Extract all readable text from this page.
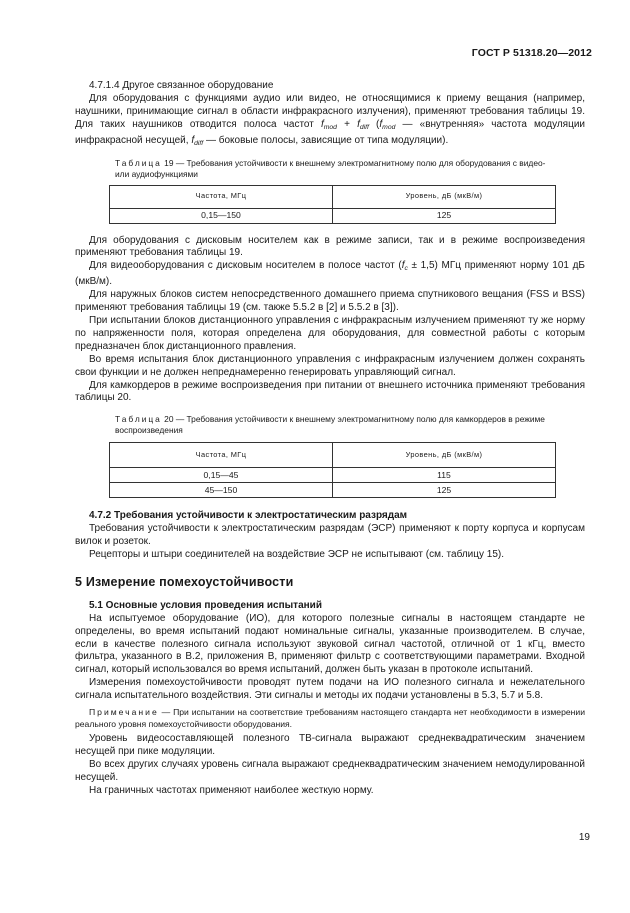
ГОСТ Р 51318.20—2012

4.7.1.4 Другое связанное оборудование

Для оборудования с функциями аудио или видео, не относящимися к приему вещания (например, наушники, принимающие сигнал в области инфракрасного излучения), применяют требования таблицы 19. Для таких наушников отводится полоса частот $f_{mod} + f_{diff}$ ($f_{mod}$ — «внутренняя» частота модуляции инфракрасной несущей, $f_{diff}$ — боковые полосы, зависящие от типа модуляции).

Таблица 19 — Требования устойчивости к внешнему электромагнитному полю для оборудования с видео- или аудиофункциями
Частота, МГц	Уровень, дБ (мкВ/м)
0,15—150	125

Для оборудования с дисковым носителем как в режиме записи, так и в режиме воспроизведения применяют требования таблицы 19.

Для видеооборудования с дисковым носителем в полосе частот $(f_c \pm 1,5)$ МГц применяют норму 101 дБ (мкВ/м).

Для наружных блоков систем непосредственного домашнего приема спутникового вещания (FSS и BSS) применяют требования таблицы 19 (см. также 5.5.2 в [2] и 5.5.2 в [3]).

При испытании блоков дистанционного управления с инфракрасным излучением применяют ту же норму по напряженности поля, которая определена для оборудования, для совместной работы с которым предназначен блок дистанционного правления.

Во время испытания блок дистанционного управления с инфракрасным излучением должен сохранять свои функции и не должен непреднамеренно генерировать управляющий сигнал.

Для камкордеров в режиме воспроизведения при питании от внешнего источника применяют требования таблицы 20.

Таблица 20 — Требования устойчивости к внешнему электромагнитному полю для камкордеров в режиме воспроизведения
Частота, МГц	Уровень, дБ (мкВ/м)
0,15—45	115
45—150	125

4.7.2 Требования устойчивости к электростатическим разрядам

Требования устойчивости к электростатическим разрядам (ЭСР) применяют к порту корпуса и корпусам вилок и розеток.

Рецепторы и штыри соединителей на воздействие ЭСР не испытывают (см. таблицу 15).

5 Измерение помехоустойчивости

5.1 Основные условия проведения испытаний

На испытуемое оборудование (ИО), для которого полезные сигналы в настоящем стандарте не определены, во время испытаний подают номинальные сигналы, указанные производителем. В случае, если в качестве полезного сигнала используют звуковой сигнал частотой, отличной от 1 кГц, вместо фильтра, указанного в В.2, приложения В, применяют фильтр с соответствующими параметрами. Входной сигнал, который использовался во время испытаний, должен быть указан в протоколе испытаний.

Измерения помехоустойчивости проводят путем подачи на ИО полезного сигнала и нежелательного сигнала испытательного воздействия. Эти сигналы и методы их подачи установлены в 5.3, 5.7 и 5.8.

Примечание — При испытании на соответствие требованиям настоящего стандарта нет необходимости в измерении реального уровня помехоустойчивости оборудования.

Уровень видеосоставляющей полезного ТВ-сигнала выражают среднеквадратическим значением несущей при пике модуляции.

Во всех других случаях уровень сигнала выражают среднеквадратическим значением немодулированной несущей.

На граничных частотах применяют наиболее жесткую норму.

19
